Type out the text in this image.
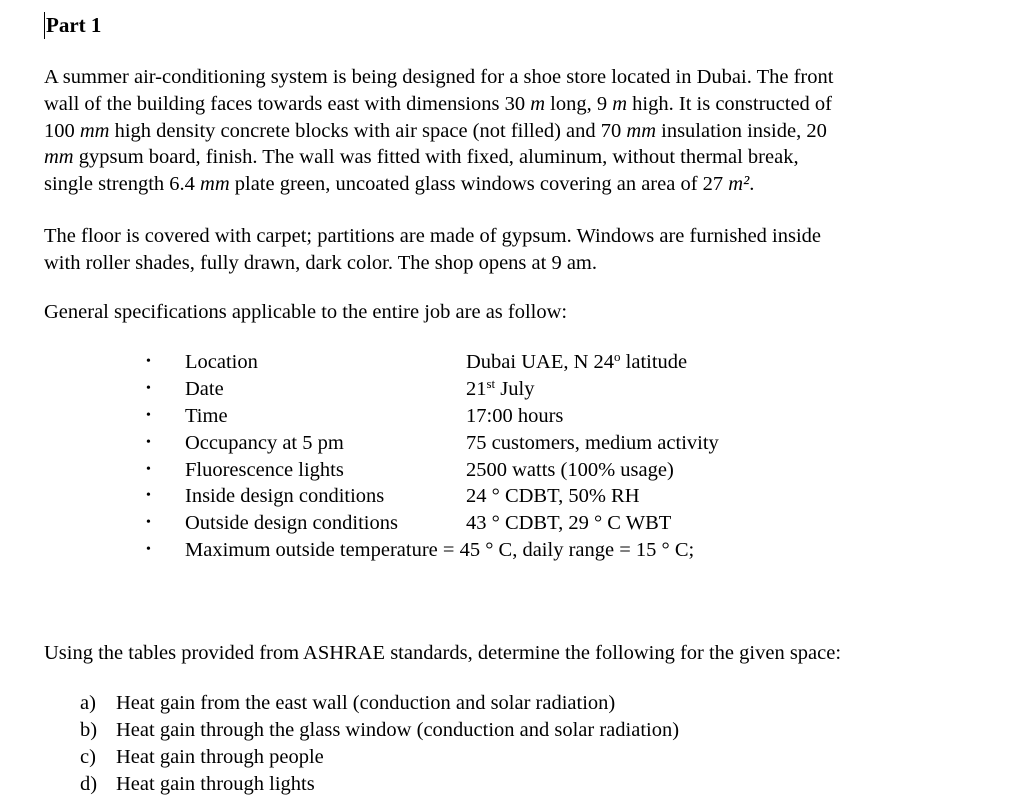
Part 1
A summer air-conditioning system is being designed for a shoe store located in Dubai. The front
wall of the building faces towards east with dimensions 30 m long, 9 m high. It is constructed of
100 mm high density concrete blocks with air space (not filled) and 70 mm insulation inside, 20
mm gypsum board, finish. The wall was fitted with fixed, aluminum, without thermal break,
single strength 6.4 mm plate green, uncoated glass windows covering an area of 27 m².
The floor is covered with carpet; partitions are made of gypsum. Windows are furnished inside
with roller shades, fully drawn, dark color. The shop opens at 9 am.
General specifications applicable to the entire job are as follow:
• Location	Dubai UAE, N 24$^o$ latitude
• Date	21st July
• Time	17:00 hours
• Occupancy at 5 pm	75 customers, medium activity
• Fluorescence lights	2500 watts (100% usage)
• Inside design conditions	24 ° CDBT, 50% RH
• Outside design conditions	43 ° CDBT, 29 ° C WBT
• Maximum outside temperature = 45 ° C, daily range = 15 ° C;
Using the tables provided from ASHRAE standards, determine the following for the given space:
a) Heat gain from the east wall (conduction and solar radiation)
b) Heat gain through the glass window (conduction and solar radiation)
c) Heat gain through people
d) Heat gain through lights
